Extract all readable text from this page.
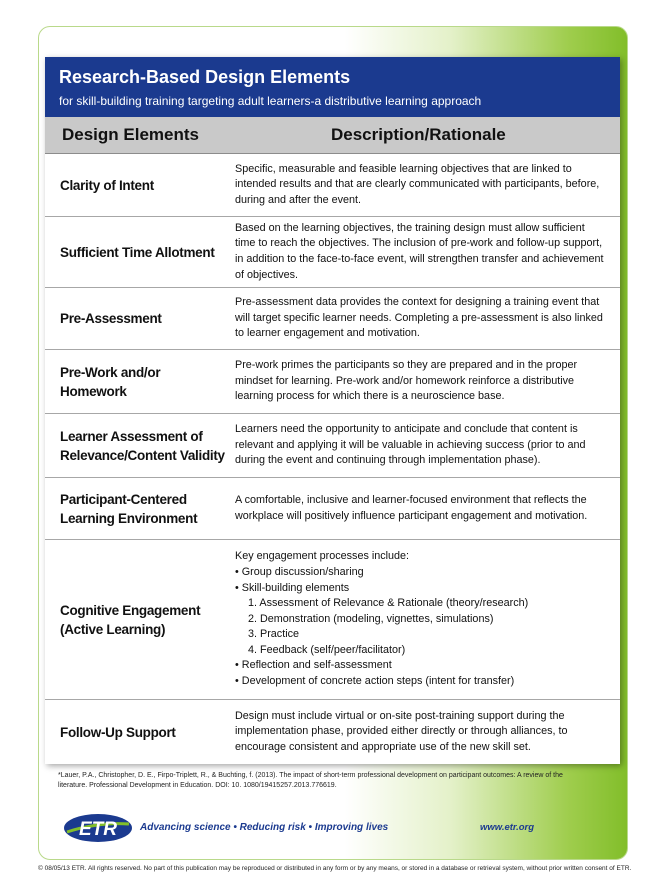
Research-Based Design Elements
for skill-building training targeting adult learners-a distributive learning approach
Design Elements	Description/Rationale
Clarity of Intent
Specific, measurable and feasible learning objectives that are linked to intended results and that are clearly communicated with participants, before, during and after the event.
Sufficient Time Allotment
Based on the learning objectives, the training design must allow sufficient time to reach the objectives. The inclusion of pre-work and follow-up support, in addition to the face-to-face event, will strengthen transfer and achievement of objectives.
Pre-Assessment
Pre-assessment data provides the context for designing a training event that will target specific learner needs. Completing a pre-assessment is also linked to learner engagement and motivation.
Pre-Work and/or Homework
Pre-work primes the participants so they are prepared and in the proper mindset for learning. Pre-work and/or homework reinforce a distributive learning process for which there is a neuroscience base.
Learner Assessment of Relevance/Content Validity
Learners need the opportunity to anticipate and conclude that content is relevant and applying it will be valuable in achieving success (prior to and during the event and continuing through implementation phase).
Participant-Centered Learning Environment
A comfortable, inclusive and learner-focused environment that reflects the workplace will positively influence participant engagement and motivation.
Cognitive Engagement (Active Learning)
Key engagement processes include:
• Group discussion/sharing
• Skill-building elements
1. Assessment of Relevance & Rationale (theory/research)
2. Demonstration (modeling, vignettes, simulations)
3. Practice
4. Feedback (self/peer/facilitator)
• Reflection and self-assessment
• Development of concrete action steps (intent for transfer)
Follow-Up Support
Design must include virtual or on-site post-training support during the implementation phase, provided either directly or through alliances, to encourage consistent and appropriate use of the new skill set.
*Lauer, P.A., Christopher, D. E., Firpo-Triplett, R., & Buchting, f. (2013). The impact of short-term professional development on participant outcomes: A review of the literature. Professional Development in Education. DOI: 10. 1080/19415257.2013.776619.
ETR Advancing science • Reducing risk • Improving lives	www.etr.org
© 08/05/13 ETR. All rights reserved. No part of this publication may be reproduced or distributed in any form or by any means, or stored in a database or retrieval system, without prior written consent of ETR.
